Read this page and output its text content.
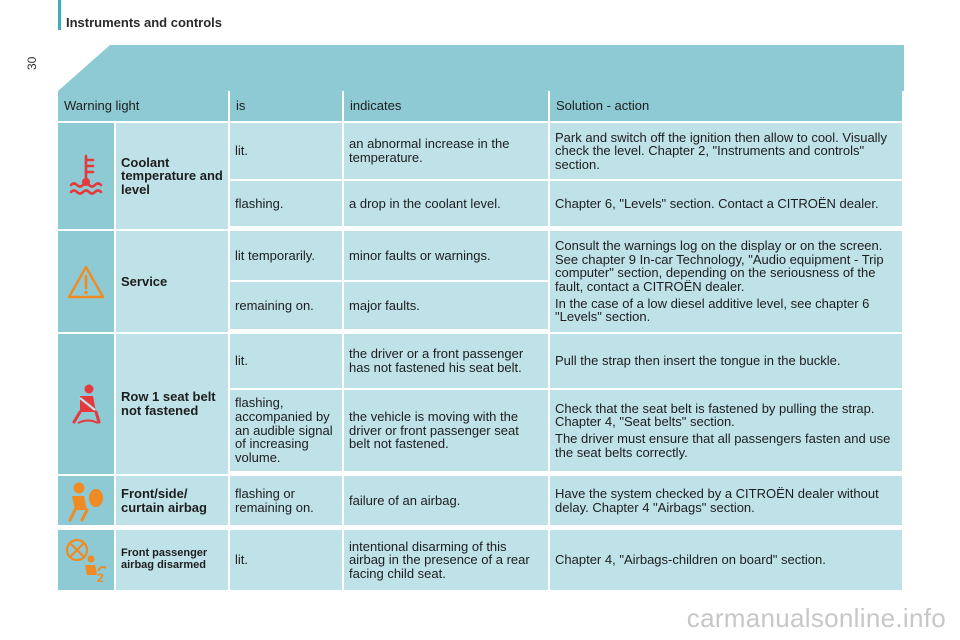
Instruments and controls
30
Warning light		is	indicates	Solution - action

	Coolant temperature and level	lit.	an abnormal increase in the temperature.	Park and switch off the ignition then allow to cool. Visually check the level. Chapter 2, "Instruments and controls" section.
		flashing.	a drop in the coolant level.	Chapter 6, "Levels" section. Contact a CITROËN dealer.

	Service	lit temporarily.	minor faults or warnings.	Consult the warnings log on the display or on the screen. See chapter 9 In-car Technology, "Audio equipment - Trip computer" section, depending on the seriousness of the fault, contact a CITROËN dealer.
In the case of a low diesel additive level, see chapter 6 "Levels" section.

		remaining on.	major faults.	

	Row 1 seat belt not fastened	lit.	the driver or a front passenger has not fastened his seat belt.	Pull the strap then insert the tongue in the buckle.

		flashing, accompanied by an audible signal of increasing volume.	the vehicle is moving with the driver or front passenger seat belt not fastened.	Check that the seat belt is fastened by pulling the strap. Chapter 4, "Seat belts" section.
The driver must ensure that all passengers fasten and use the seat belts correctly.

	Front/side/ curtain airbag	flashing or remaining on.	failure of an airbag.	Have the system checked by a CITROËN dealer without delay. Chapter 4 "Airbags" section.

2	Front passenger airbag disarmed	lit.	intentional disarming of this airbag in the presence of a rear facing child seat.	Chapter 4, "Airbags-children on board" section.
carmanualsonline.info
